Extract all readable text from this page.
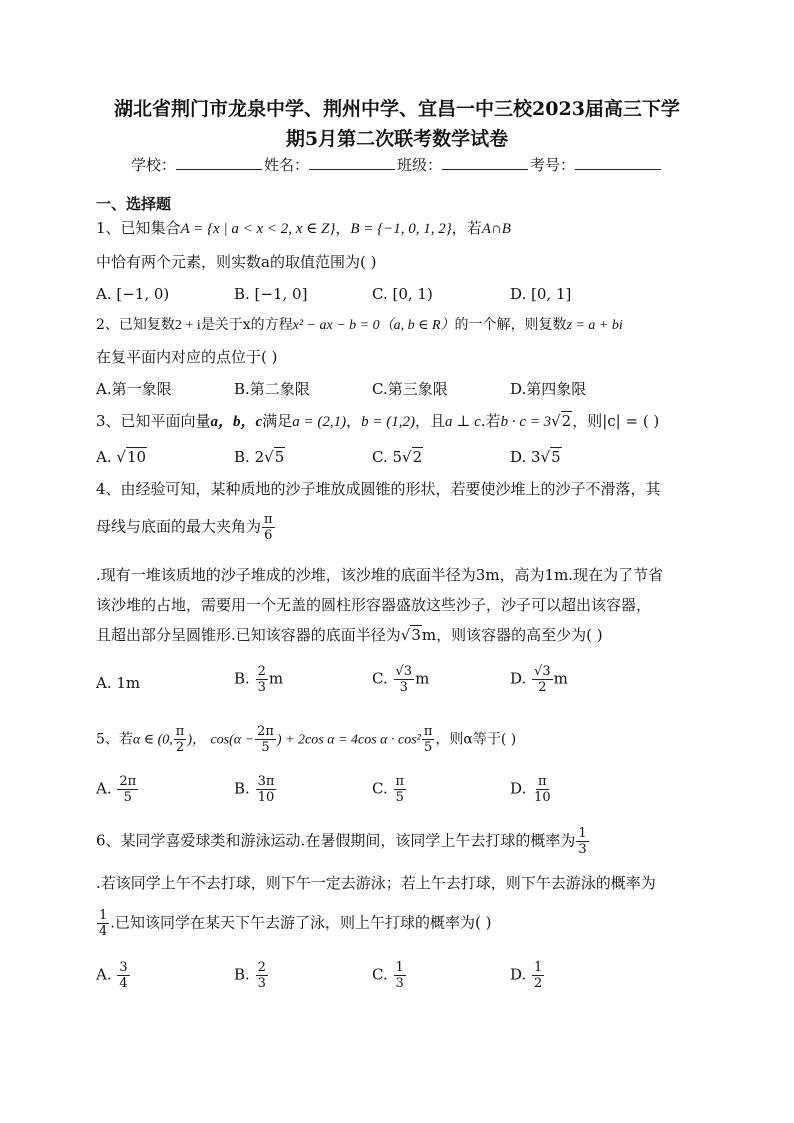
湖北省荆门市龙泉中学、荆州中学、宜昌一中三校2023届高三下学
期5月第二次联考数学试卷
学校：	姓名：	班级：	考号：
一、选择题
1、已知集合A = {x | a < x < 2, x ∈ Z}，B = {−1, 0, 1, 2}，若A∩B
中恰有两个元素，则实数a的取值范围为( )
A. [−1, 0)	B. [−1, 0]	C. [0, 1)	D. [0, 1]
2、已知复数2 + i是关于x的方程x² − ax − b = 0（a, b ∈ R）的一个解，则复数z = a + bi
在复平面内对应的点位于( )
A.第一象限	B.第二象限	C.第三象限	D.第四象限
3、已知平面向量a，b，c满足a = (2,1)，b = (1,2)，且a ⊥ c.若b · c = 3√2，则|c| = ( )
A. √10	B. 2√5	C. 5√2	D. 3√5
4、由经验可知，某种质地的沙子堆放成圆锥的形状，若要使沙堆上的沙子不滑落，其
母线与底面的最大夹角为 $\frac{\pi}{6}$
.现有一堆该质地的沙子堆成的沙堆，该沙堆的底面半径为3m，高为1m.现在为了节省
该沙堆的占地，需要用一个无盖的圆柱形容器盛放这些沙子，沙子可以超出该容器，
且超出部分呈圆锥形.已知该容器的底面半径为√3m，则该容器的高至少为( )
A. 1m	B. $\frac{2}{3}$ m	C. $\frac{√3}{3}$ m	D. $\frac{√3}{2}$ m
5、若α ∈ (0, $\frac{\pi}{2}$ )， $\cos(\alpha - \frac{2\pi}{5}$ ) + 2cos α = 4cos $\alpha \cdot \cos^2 \frac{\pi}{5}$ ，则α等于( )
A. $\frac{2\pi}{5}$	B. $\frac{3\pi}{10}$	C. $\frac{\pi}{5}$	D. $\frac{\pi}{10}$
6、某同学喜爱球类和游泳运动.在暑假期间，该同学上午去打球的概率为 $\frac{1}{3}$
.若该同学上午不去打球，则下午一定去游泳；若上午去打球，则下午去游泳的概率为
$\frac{1}{4}$ .已知该同学在某天下午去游了泳，则上午打球的概率为( )
A. $\frac{3}{4}$	B. $\frac{2}{3}$	C. $\frac{1}{3}$	D. $\frac{1}{2}$
